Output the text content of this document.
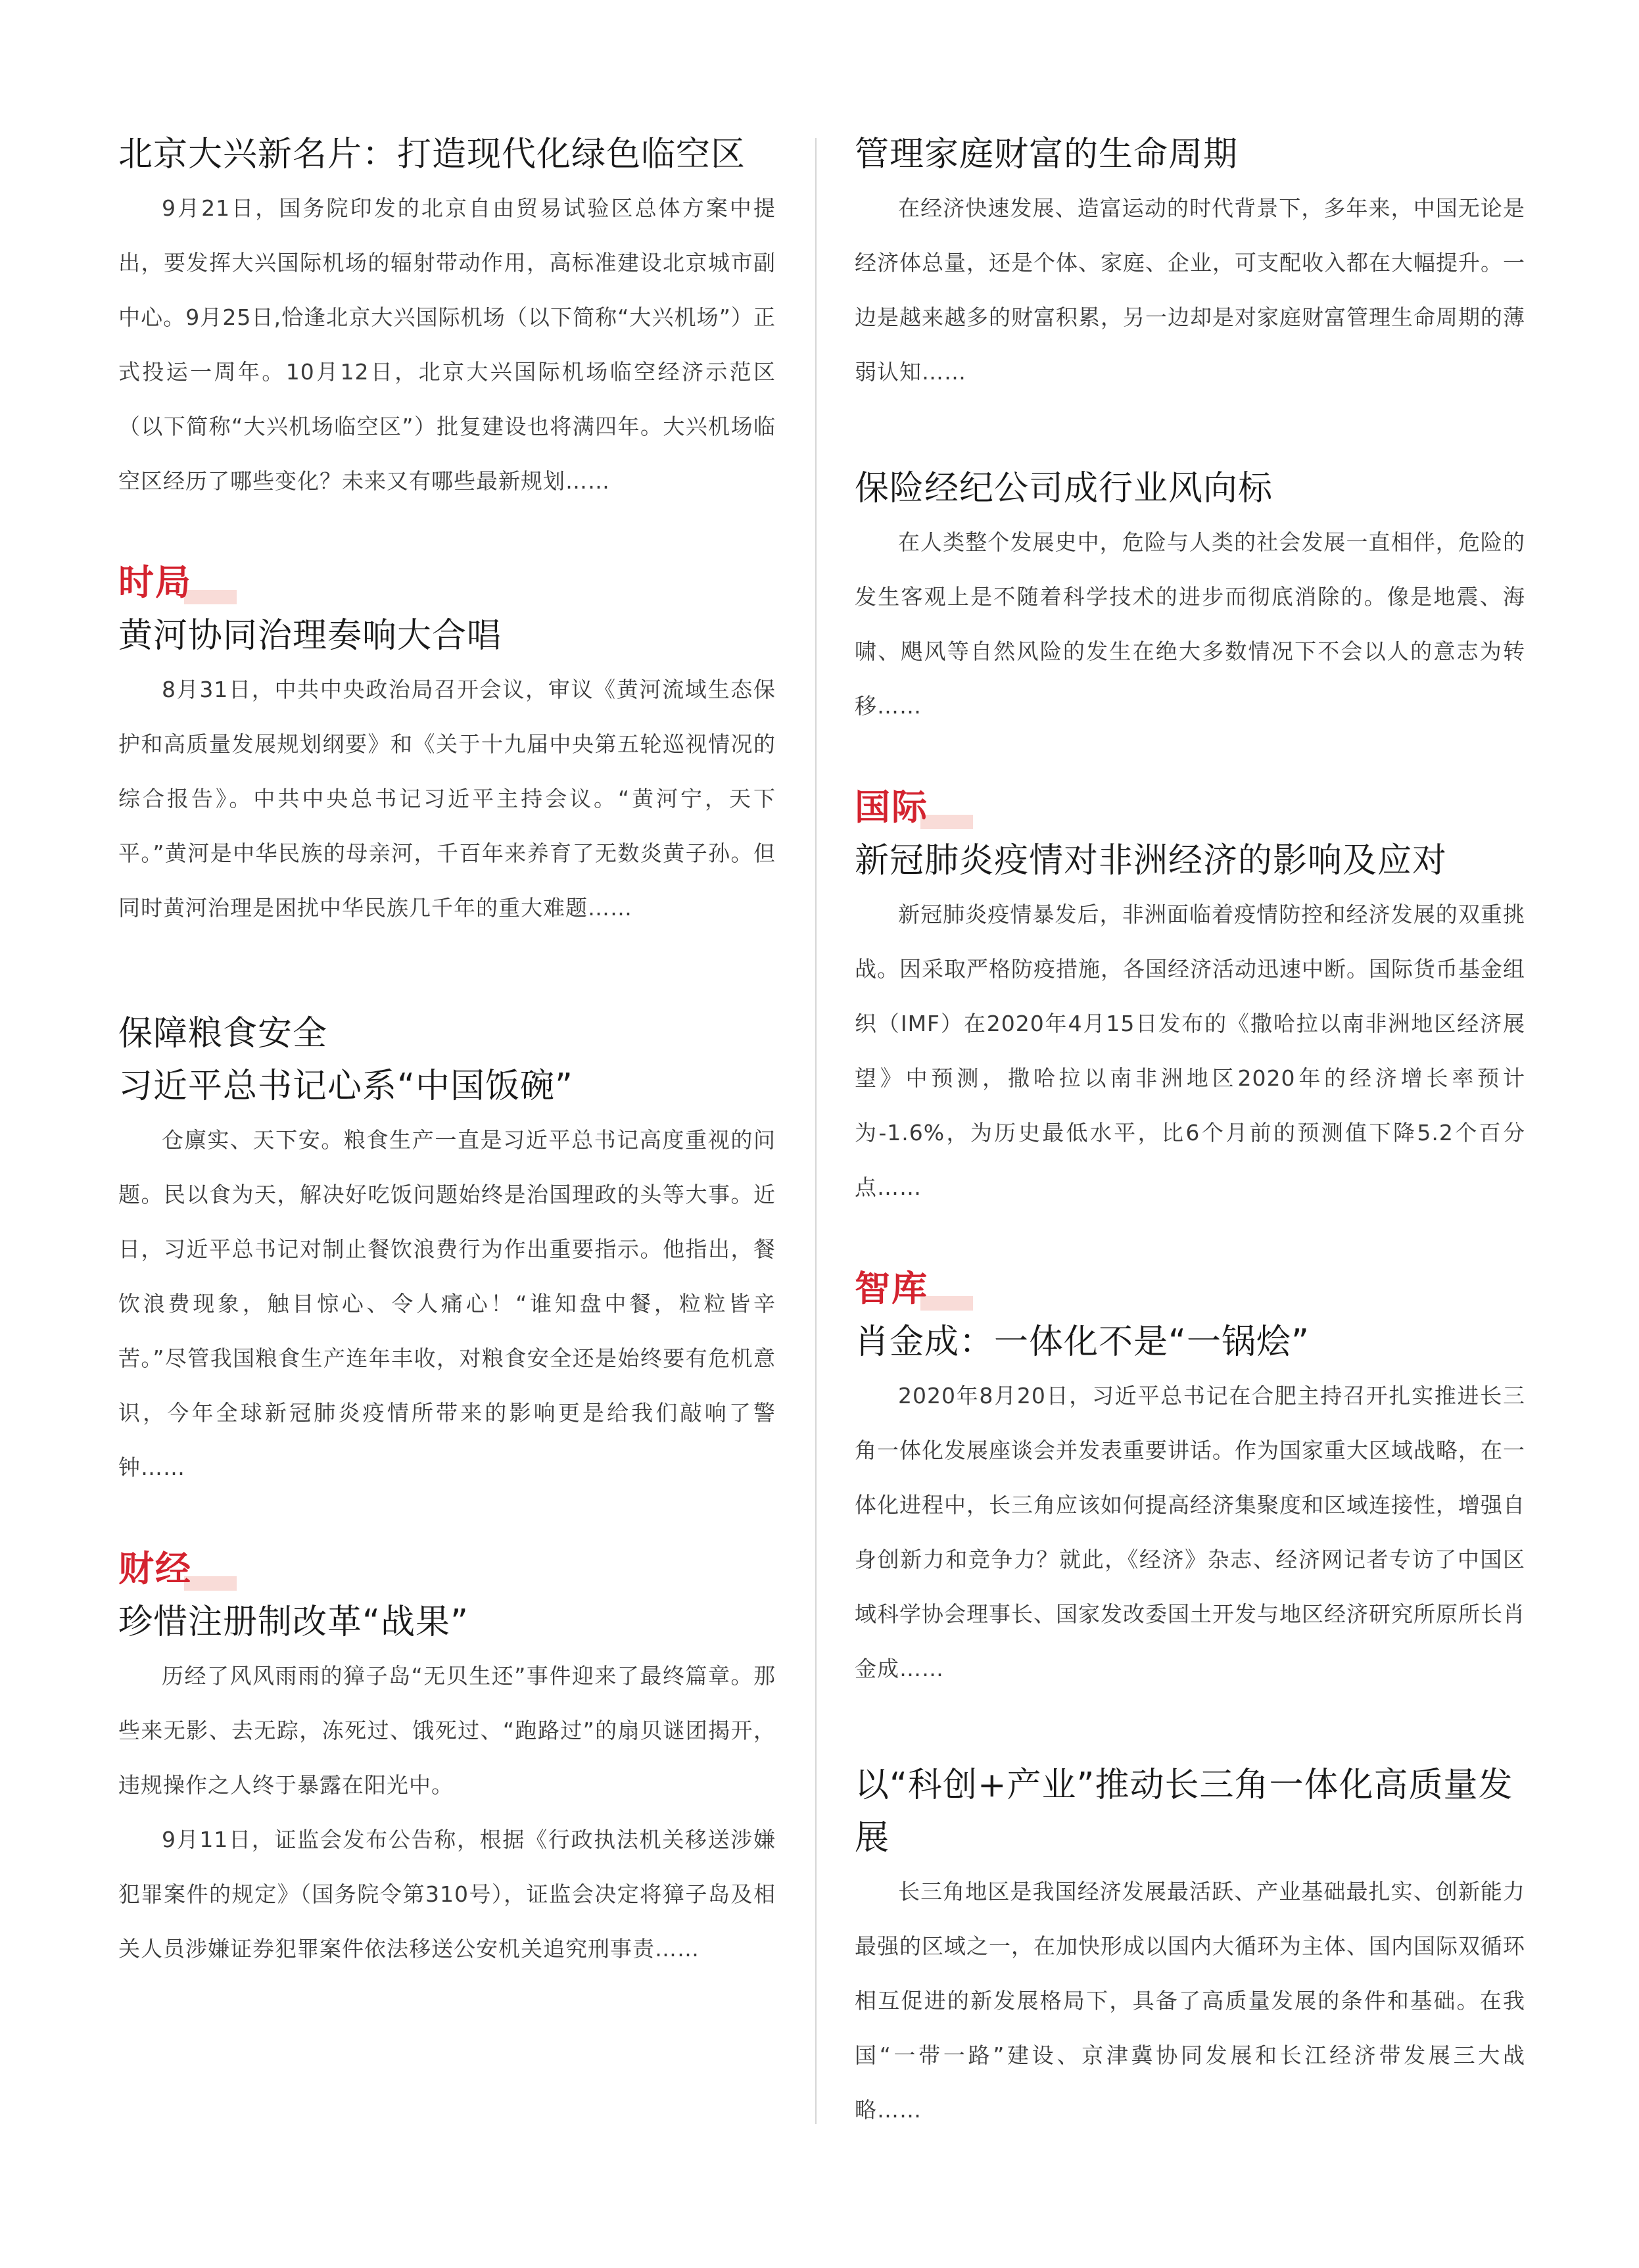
北京大兴新名片：打造现代化绿色临空区

9月21日，国务院印发的北京自由贸易试验区总体方案中提出，要发挥大兴国际机场的辐射带动作用，高标准建设北京城市副中心。9月25日,恰逢北京大兴国际机场（以下简称“大兴机场”）正式投运一周年。10月12日，北京大兴国际机场临空经济示范区（以下简称“大兴机场临空区”）批复建设也将满四年。大兴机场临空区经历了哪些变化？未来又有哪些最新规划……

时局
黄河协同治理奏响大合唱

8月31日，中共中央政治局召开会议，审议《黄河流域生态保护和高质量发展规划纲要》和《关于十九届中央第五轮巡视情况的综合报告》。中共中央总书记习近平主持会议。“黄河宁，天下平。”黄河是中华民族的母亲河，千百年来养育了无数炎黄子孙。但同时黄河治理是困扰中华民族几千年的重大难题……

保障粮食安全
习近平总书记心系“中国饭碗”

仓廪实、天下安。粮食生产一直是习近平总书记高度重视的问题。民以食为天，解决好吃饭问题始终是治国理政的头等大事。近日，习近平总书记对制止餐饮浪费行为作出重要指示。他指出，餐饮浪费现象，触目惊心、令人痛心！“谁知盘中餐，粒粒皆辛苦。”尽管我国粮食生产连年丰收，对粮食安全还是始终要有危机意识，今年全球新冠肺炎疫情所带来的影响更是给我们敲响了警钟……

财经
珍惜注册制改革“战果”

历经了风风雨雨的獐子岛“无贝生还”事件迎来了最终篇章。那些来无影、去无踪，冻死过、饿死过、“跑路过”的扇贝谜团揭开，违规操作之人终于暴露在阳光中。

9月11日，证监会发布公告称，根据《行政执法机关移送涉嫌犯罪案件的规定》（国务院令第310号），证监会决定将獐子岛及相关人员涉嫌证券犯罪案件依法移送公安机关追究刑事责……

管理家庭财富的生命周期

在经济快速发展、造富运动的时代背景下，多年来，中国无论是经济体总量，还是个体、家庭、企业，可支配收入都在大幅提升。一边是越来越多的财富积累，另一边却是对家庭财富管理生命周期的薄弱认知……

保险经纪公司成行业风向标

在人类整个发展史中，危险与人类的社会发展一直相伴，危险的发生客观上是不随着科学技术的进步而彻底消除的。像是地震、海啸、飓风等自然风险的发生在绝大多数情况下不会以人的意志为转移……

国际
新冠肺炎疫情对非洲经济的影响及应对

新冠肺炎疫情暴发后，非洲面临着疫情防控和经济发展的双重挑战。因采取严格防疫措施，各国经济活动迅速中断。国际货币基金组织（IMF）在2020年4月15日发布的《撒哈拉以南非洲地区经济展望》中预测，撒哈拉以南非洲地区2020年的经济增长率预计为-1.6%，为历史最低水平，比6个月前的预测值下降5.2个百分点……

智库
肖金成：一体化不是“一锅烩”

2020年8月20日，习近平总书记在合肥主持召开扎实推进长三角一体化发展座谈会并发表重要讲话。作为国家重大区域战略，在一体化进程中，长三角应该如何提高经济集聚度和区域连接性，增强自身创新力和竞争力？就此，《经济》杂志、经济网记者专访了中国区域科学协会理事长、国家发改委国土开发与地区经济研究所原所长肖金成……

以“科创+产业”推动长三角一体化高质量发展

长三角地区是我国经济发展最活跃、产业基础最扎实、创新能力最强的区域之一，在加快形成以国内大循环为主体、国内国际双循环相互促进的新发展格局下，具备了高质量发展的条件和基础。在我国“一带一路”建设、京津冀协同发展和长江经济带发展三大战略……
